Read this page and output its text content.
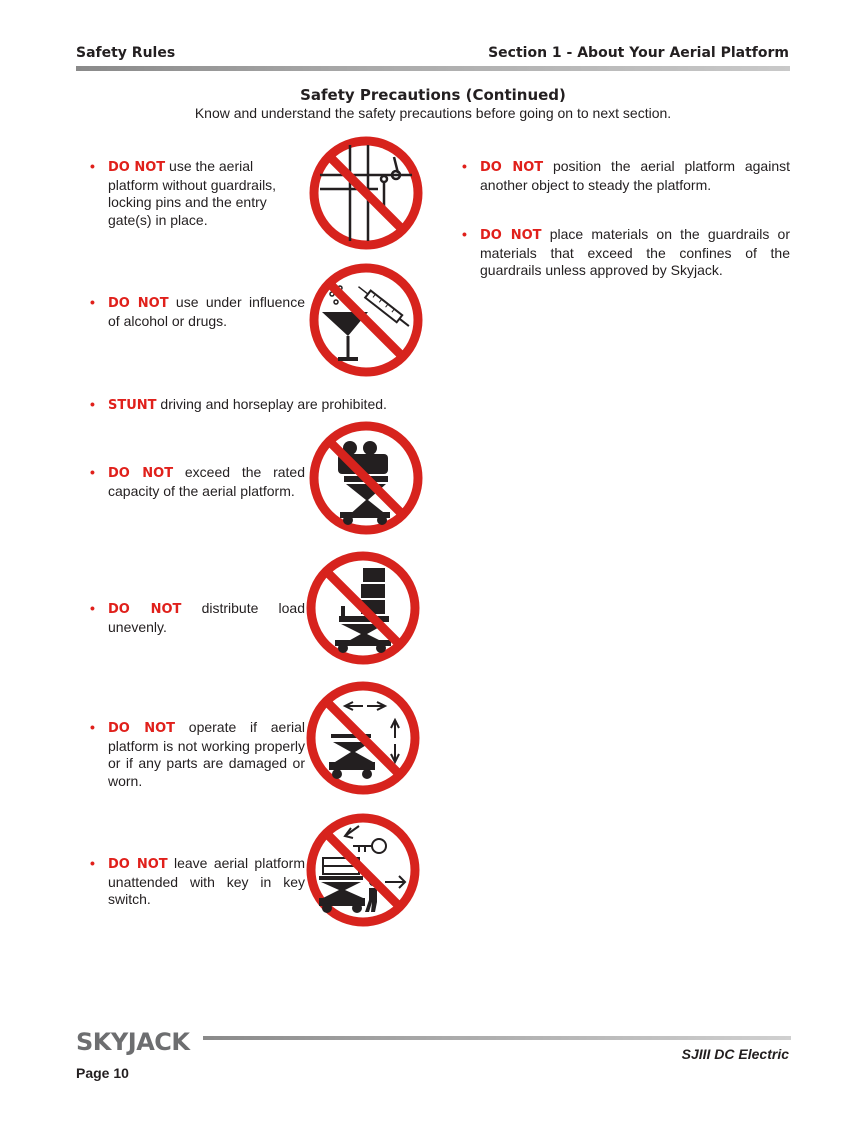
Safety Rules	Section 1 - About Your Aerial Platform
Safety Precautions (Continued)
Know and understand the safety precautions before going on to next section.
• DO NOT use the aerial platform without guardrails, locking pins and the entry gate(s) in place.
• DO NOT use under influence of alcohol or drugs.
• STUNT driving and horseplay are prohibited.
• DO NOT exceed the rated capacity of the aerial platform.
• DO NOT distribute load unevenly.
• DO NOT operate if aerial platform is not working properly or if any parts are damaged or worn.
• DO NOT leave aerial platform unattended with key in key switch.
• DO NOT position the aerial platform against another object to steady the platform.
• DO NOT place materials on the guardrails or materials that exceed the confines of the guardrails unless approved by Skyjack.
SKYJACK	SJIII DC Electric
Page 10
